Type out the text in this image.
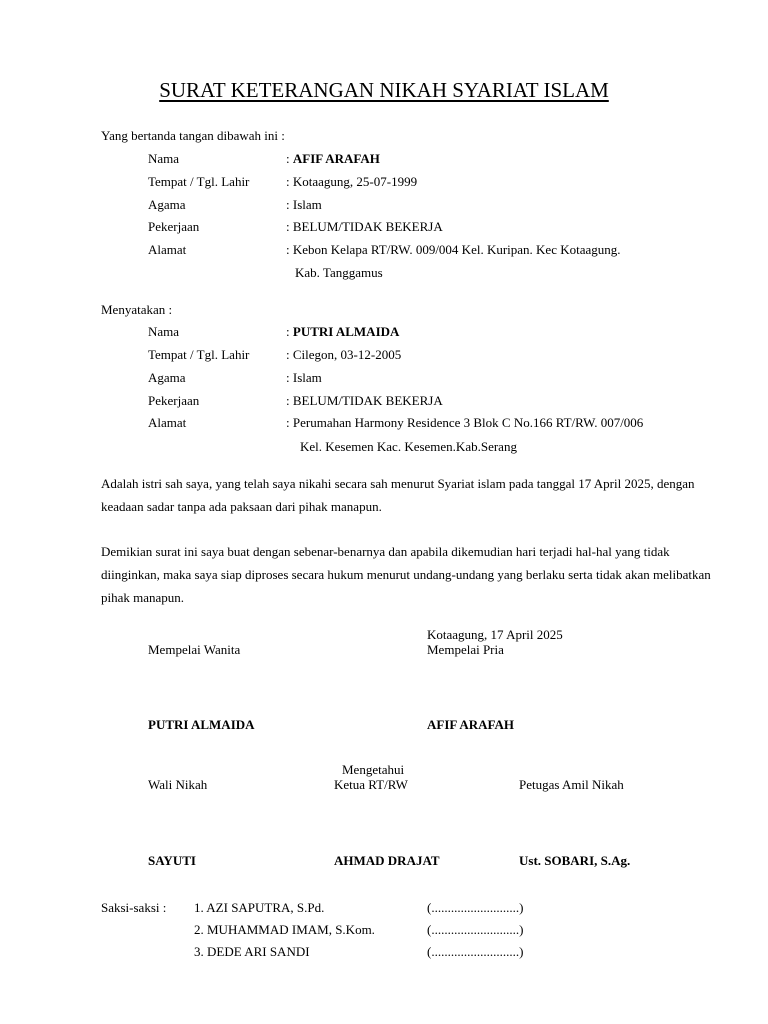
SURAT KETERANGAN NIKAH SYARIAT ISLAM
Yang bertanda tangan dibawah ini :
Nama	: AFIF ARAFAH
Tempat / Tgl. Lahir	: Kotaagung, 25-07-1999
Agama	: Islam
Pekerjaan	: BELUM/TIDAK BEKERJA
Alamat	: Kebon Kelapa RT/RW. 009/004 Kel. Kuripan. Kec Kotaagung.
Kab. Tanggamus
Menyatakan :
Nama	: PUTRI ALMAIDA
Tempat / Tgl. Lahir	: Cilegon, 03-12-2005
Agama	: Islam
Pekerjaan	: BELUM/TIDAK BEKERJA
Alamat	: Perumahan Harmony Residence 3 Blok C No.166 RT/RW. 007/006
Kel. Kesemen Kac. Kesemen.Kab.Serang
Adalah istri sah saya, yang telah saya nikahi secara sah menurut Syariat islam pada tanggal 17 April 2025, dengan keadaan sadar tanpa ada paksaan dari pihak manapun.
Demikian surat ini saya buat dengan sebenar-benarnya dan apabila dikemudian hari terjadi hal-hal yang tidak diinginkan, maka saya siap diproses secara hukum menurut undang-undang yang berlaku serta tidak akan melibatkan pihak manapun.
Kotaagung, 17 April 2025
Mempelai Wanita	Mempelai Pria
PUTRI ALMAIDA	AFIF ARAFAH
Mengetahui
Wali Nikah	Ketua RT/RW	Petugas Amil Nikah
SAYUTI	AHMAD DRAJAT	Ust. SOBARI, S.Ag.
Saksi-saksi : 1. AZI SAPUTRA, S.Pd.	(...........................)
2. MUHAMMAD IMAM, S.Kom.	(...........................)
3. DEDE ARI SANDI	(...........................)
